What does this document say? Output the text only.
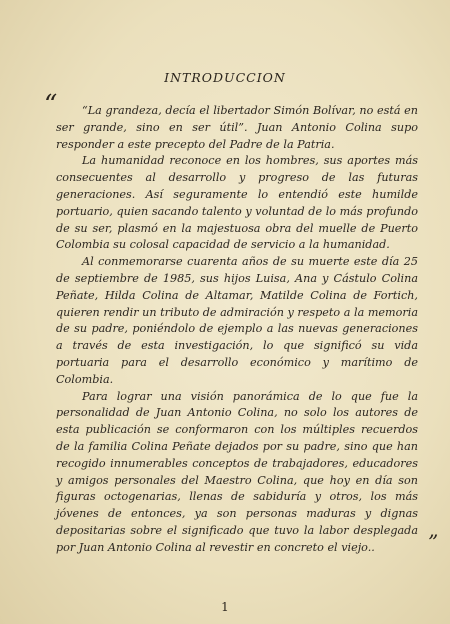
INTRODUCCION
“	“La grandeza, decía el libertador Simón Bolívar, no está en ser grande, sino en ser útil”. Juan Antonio Colina supo responder a este precepto del Padre de la Patria.

La humanidad reconoce en los hombres, sus aportes más consecuentes al desarrollo y progreso de las futuras generaciones. Así seguramente lo entendió este humilde portuario, quien sacando talento y voluntad de lo más profundo de su ser, plasmó en la majestuosa obra del muelle de Puerto Colombia su colosal capacidad de servicio a la humanidad.

Al conmemorarse cuarenta años de su muerte este día 25 de septiembre de 1985, sus hijos Luisa, Ana y Cástulo Colina Peñate, Hilda Colina de Altamar, Matilde Colina de Fortich, quieren rendir un tributo de admiración y respeto a la memoria de su padre, poniéndolo de ejemplo a las nuevas generaciones a través de esta investigación, lo que significó su vida portuaria para el desarrollo económico y marítimo de Colombia.

Para lograr una visión panorámica de lo que fue la personalidad de Juan Antonio Colina, no solo los autores de esta publicación se conformaron con los múltiples recuerdos de la familia Colina Peñate dejados por su padre, sino que han recogido innumerables conceptos de trabajadores, educadores y amigos personales del Maestro Colina, que hoy en día son figuras octogenarias, llenas de sabiduría y otros, los más jóvenes de entonces, ya son personas maduras y dignas depositarias sobre el significado que tuvo la labor desplegada por Juan Antonio Colina al revestir en concreto el viejo..	”
1
